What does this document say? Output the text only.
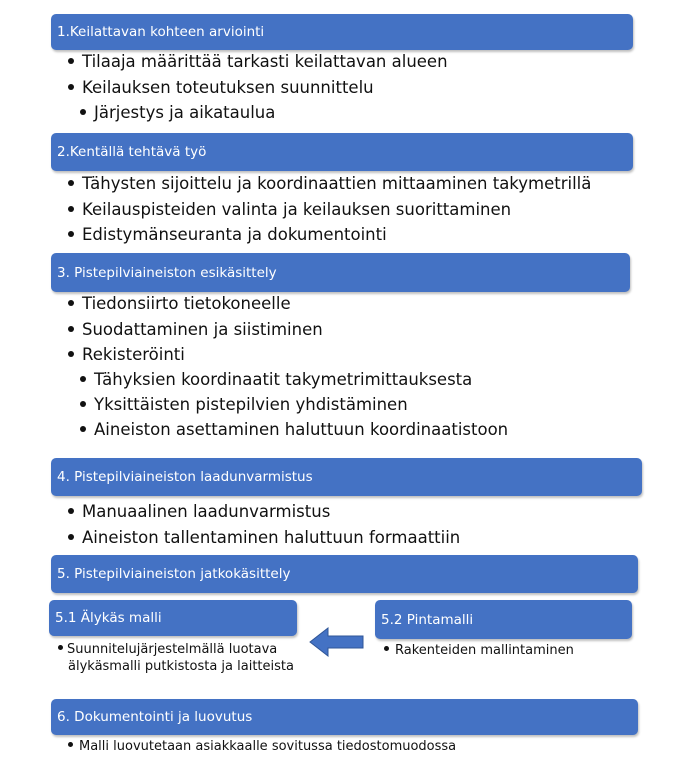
1.Keilattavan kohteen arviointi
Tilaaja määrittää tarkasti keilattavan alueen
Keilauksen toteutuksen suunnittelu
Järjestys ja aikataulua
2.Kentällä tehtävä työ
Tähysten sijoittelu ja koordinaattien mittaaminen takymetrillä
Keilauspisteiden valinta ja keilauksen suorittaminen
Edistymänseuranta ja dokumentointi
3. Pistepilviaineiston esikäsittely
Tiedonsiirto tietokoneelle
Suodattaminen ja siistiminen
Rekisteröinti
Tähyksien koordinaatit takymetrimittauksesta
Yksittäisten pistepilvien yhdistäminen
Aineiston asettaminen haluttuun koordinaatistoon
4. Pistepilviaineiston laadunvarmistus
Manuaalinen laadunvarmistus
Aineiston tallentaminen haluttuun formaattiin
5. Pistepilviaineiston jatkokäsittely
5.1 Älykäs malli
Suunnitelujärjestelmällä luotava älykäsmalli putkistosta ja laitteista
5.2 Pintamalli
Rakenteiden mallintaminen
6. Dokumentointi ja luovutus
Malli luovutetaan asiakkaalle sovitussa tiedostomuodossa
